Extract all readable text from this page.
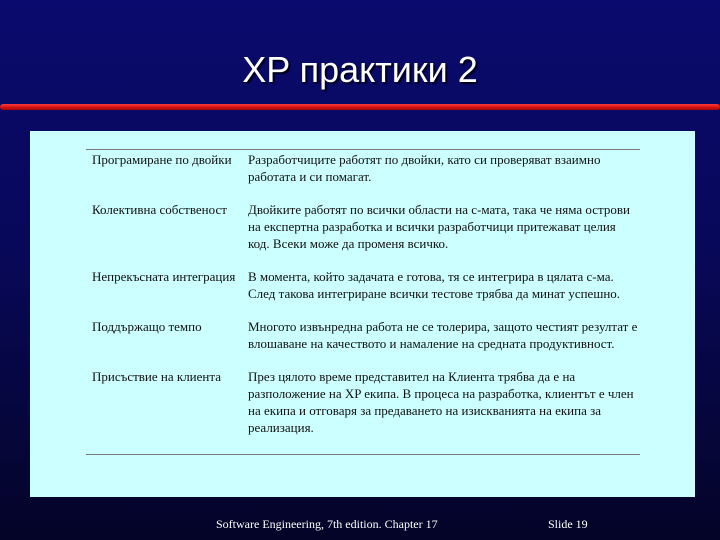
XP практики 2
Програмиране по двойки	Разработчиците работят по двойки, като си проверяват взаимно работата и си помагат.
Колективна собственост	Двойките работят по всички области на с-мата, така че няма острови на експертна разработка и всички разработчици притежават целия код. Всеки може да променя всичко.
Непрекъсната интеграция	В момента, който задачата е готова, тя се интегрира в цялата с-ма. След такова интегриране всички тестове трябва да минат успешно.
Поддържащо темпо	Многото извънредна работа не се толерира, защото честият резултат е влошаване на качеството и намаление на средната продуктивност.
Присъствие на клиента	През цялото време представител на Клиента трябва да е на разположение на XP екипа. В процеса на разработка, клиентът е член на екипа и отговаря за предаването на изискванията на екипа за реализация.
Software Engineering, 7th edition. Chapter 17	Slide 19
